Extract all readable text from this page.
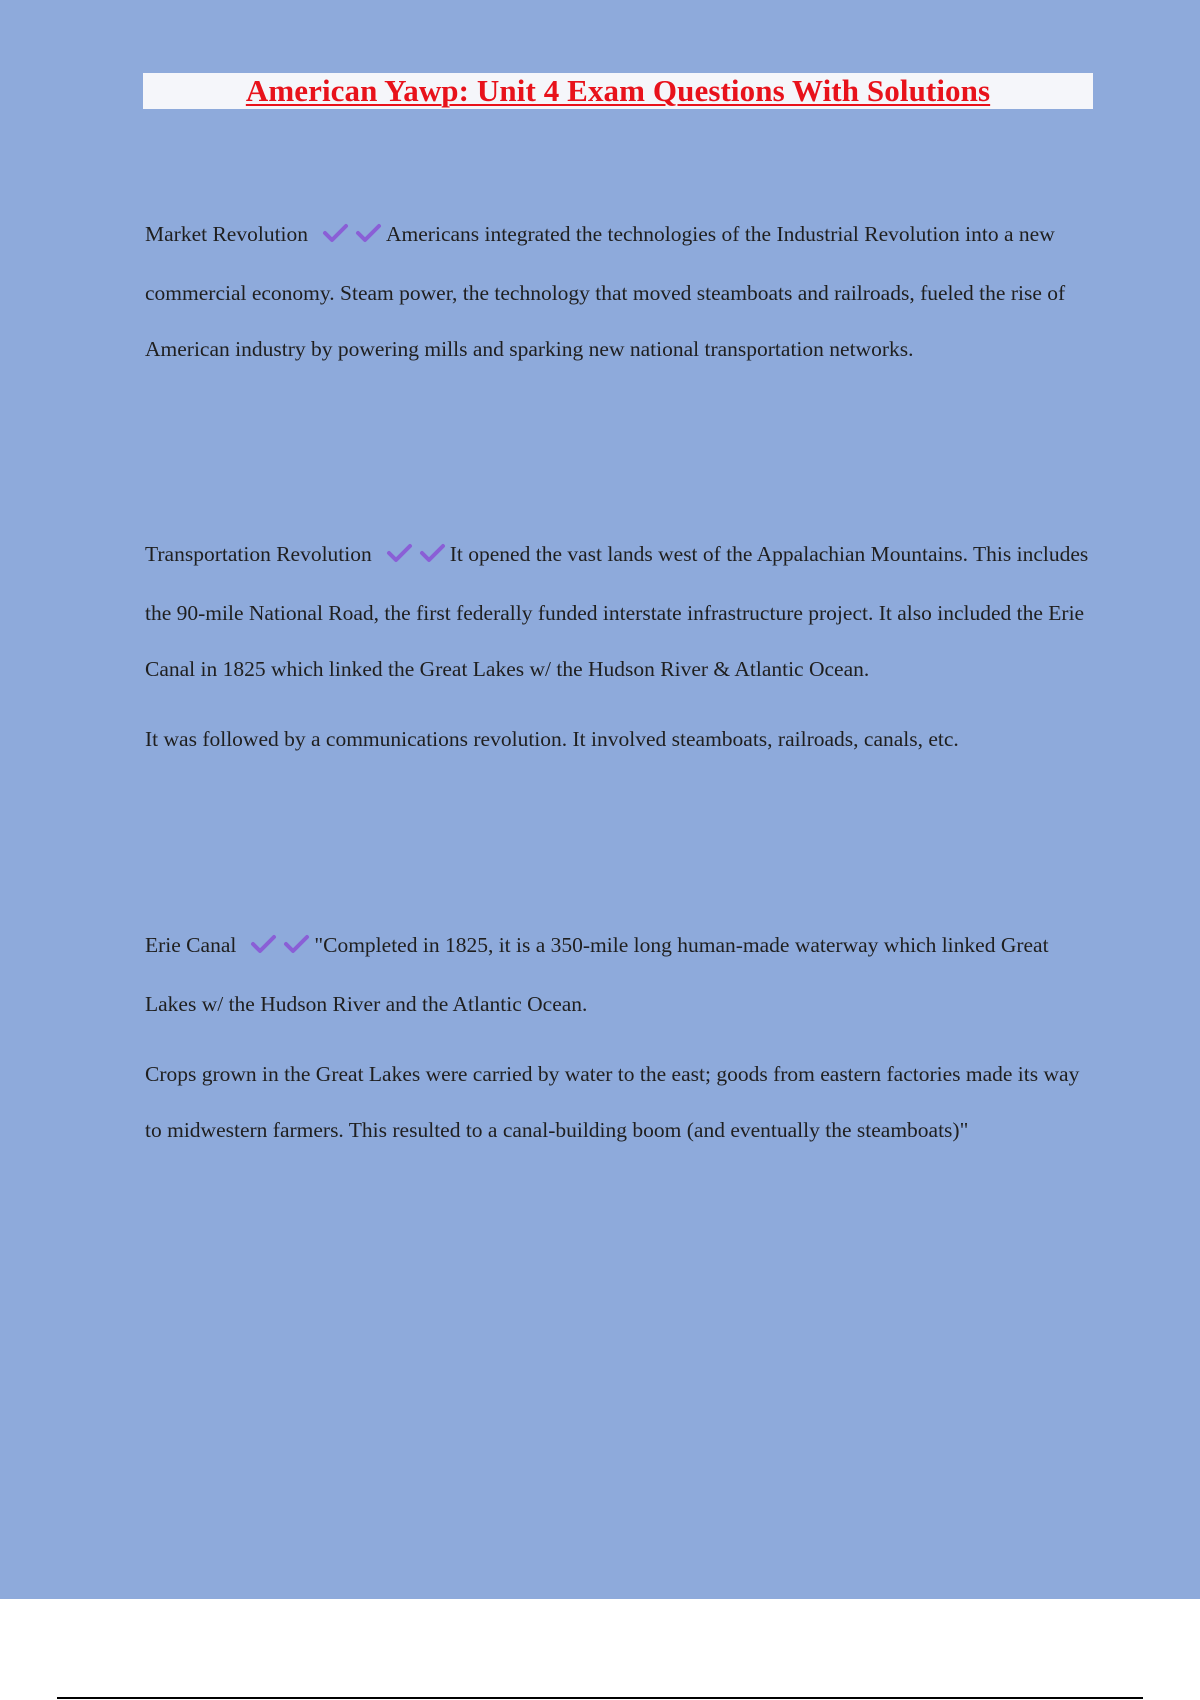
American Yawp: Unit 4 Exam Questions With Solutions

Market Revolution	Americans integrated the technologies of the Industrial Revolution into a new commercial economy. Steam power, the technology that moved steamboats and railroads, fueled the rise of American industry by powering mills and sparking new national transportation networks.

Transportation Revolution	It opened the vast lands west of the Appalachian Mountains. This includes the 90-mile National Road, the first federally funded interstate infrastructure project. It also included the Erie Canal in 1825 which linked the Great Lakes w/ the Hudson River & Atlantic Ocean.

It was followed by a communications revolution. It involved steamboats, railroads, canals, etc.

Erie Canal	"Completed in 1825, it is a 350-mile long human-made waterway which linked Great Lakes w/ the Hudson River and the Atlantic Ocean.

Crops grown in the Great Lakes were carried by water to the east; goods from eastern factories made its way to midwestern farmers. This resulted to a canal-building boom (and eventually the steamboats)"
